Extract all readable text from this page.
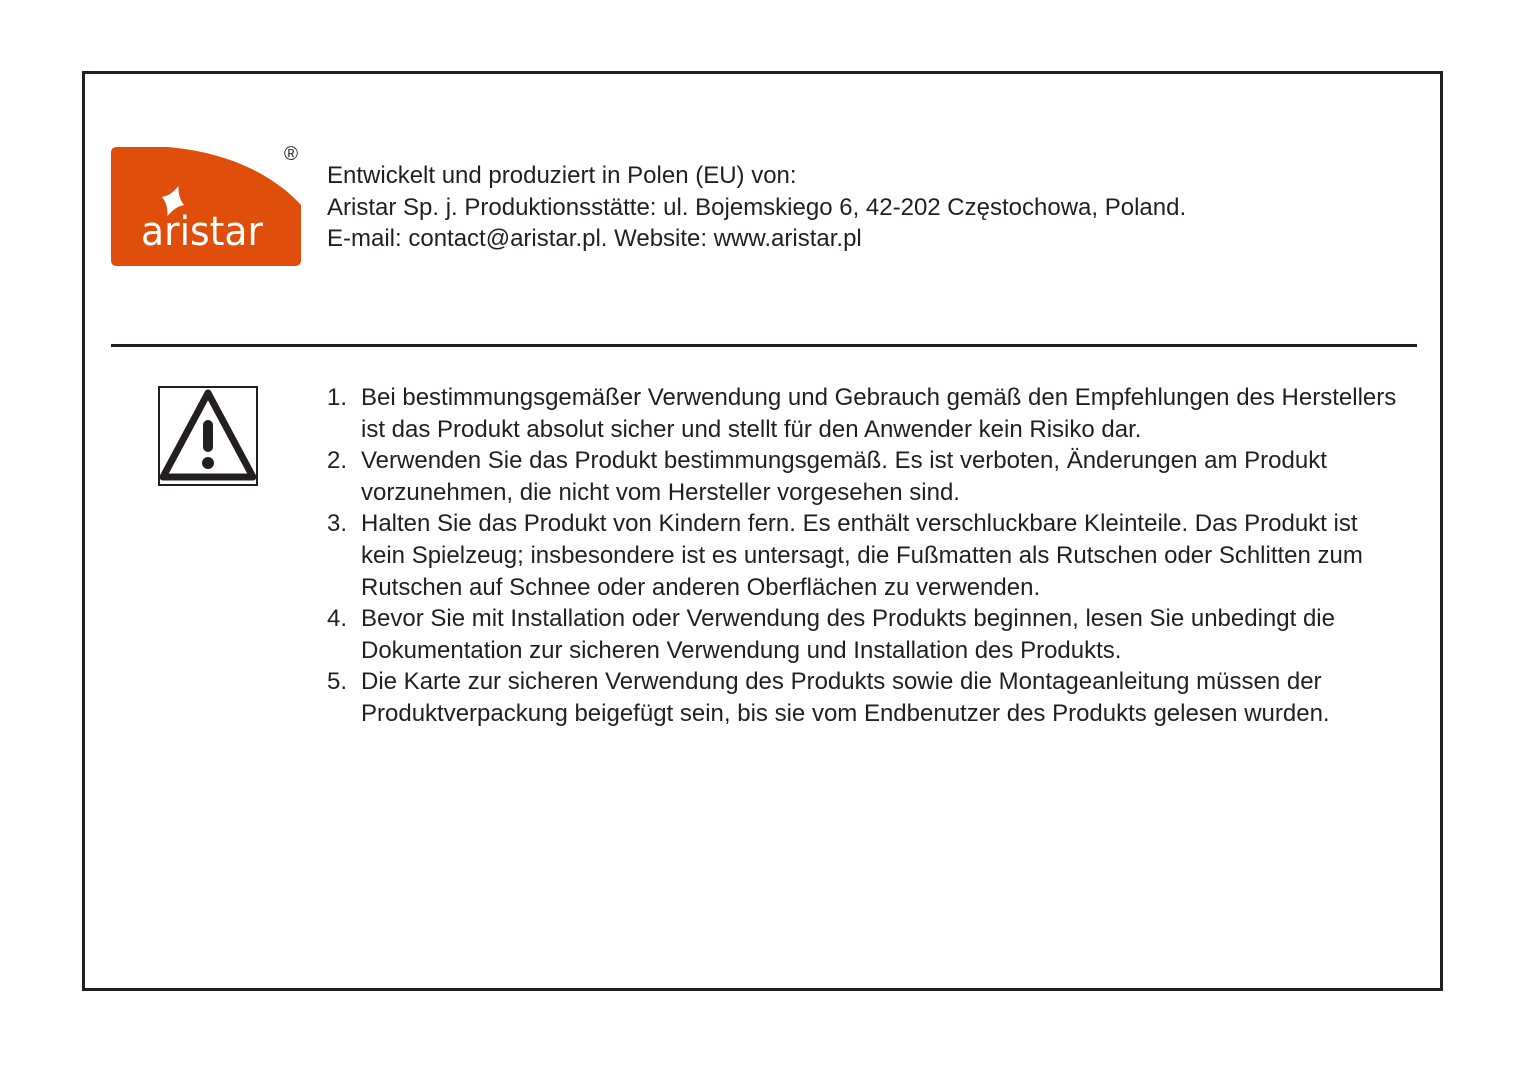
aristar
®
Entwickelt und produziert in Polen (EU) von:
Aristar Sp. j. Produktionsstätte: ul. Bojemskiego 6, 42-202 Częstochowa, Poland.
E-mail: contact@aristar.pl. Website: www.aristar.pl
1. Bei bestimmungsgemäßer Verwendung und Gebrauch gemäß den Empfehlungen des Herstellers ist das Produkt absolut sicher und stellt für den Anwender kein Risiko dar.
2. Verwenden Sie das Produkt bestimmungsgemäß. Es ist verboten, Änderungen am Produkt vorzunehmen, die nicht vom Hersteller vorgesehen sind.
3. Halten Sie das Produkt von Kindern fern. Es enthält verschluckbare Kleinteile. Das Produkt ist kein Spielzeug; insbesondere ist es untersagt, die Fußmatten als Rutschen oder Schlitten zum Rutschen auf Schnee oder anderen Oberflächen zu verwenden.
4. Bevor Sie mit Installation oder Verwendung des Produkts beginnen, lesen Sie unbedingt die Dokumentation zur sicheren Verwendung und Installation des Produkts.
5. Die Karte zur sicheren Verwendung des Produkts sowie die Montageanleitung müssen der Produktverpackung beigefügt sein, bis sie vom Endbenutzer des Produkts gelesen wurden.
